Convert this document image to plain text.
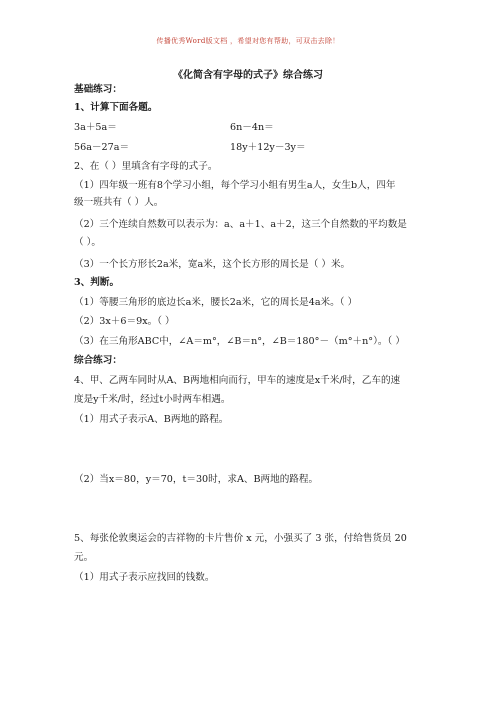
传播优秀Word版文档 ，希望对您有帮助，可双击去除！
《化简含有字母的式子》综合练习
基础练习：
1、计算下面各题。
3a＋5a＝	6n－4n＝
56a－27a＝	18y＋12y－3y＝
2、在（ ）里填含有字母的式子。
（1）四年级一班有8个学习小组，每个学习小组有男生a人，女生b人，四年
级一班共有（ ）人。
（2）三个连续自然数可以表示为：a、a＋1、a＋2，这三个自然数的平均数是
（ ）。
（3）一个长方形长2a米，宽a米，这个长方形的周长是（ ）米。
3、判断。
（1）等腰三角形的底边长a米，腰长2a米，它的周长是4a米。（ ）
（2）3x＋6＝9x。（ ）
（3）在三角形ABC中，∠A＝m°，∠B＝n°，∠B＝180°－（m°＋n°）。（ ）
综合练习：
4、甲、乙两车同时从A、B两地相向而行，甲车的速度是x千米/时，乙车的速
度是y千米/时，经过t小时两车相遇。
（1）用式子表示A、B两地的路程。
（2）当x＝80，y＝70，t＝30时，求A、B两地的路程。
5、每张伦敦奥运会的吉祥物的卡片售价 x 元，小强买了 3 张，付给售货员 20
元。
（1）用式子表示应找回的钱数。
